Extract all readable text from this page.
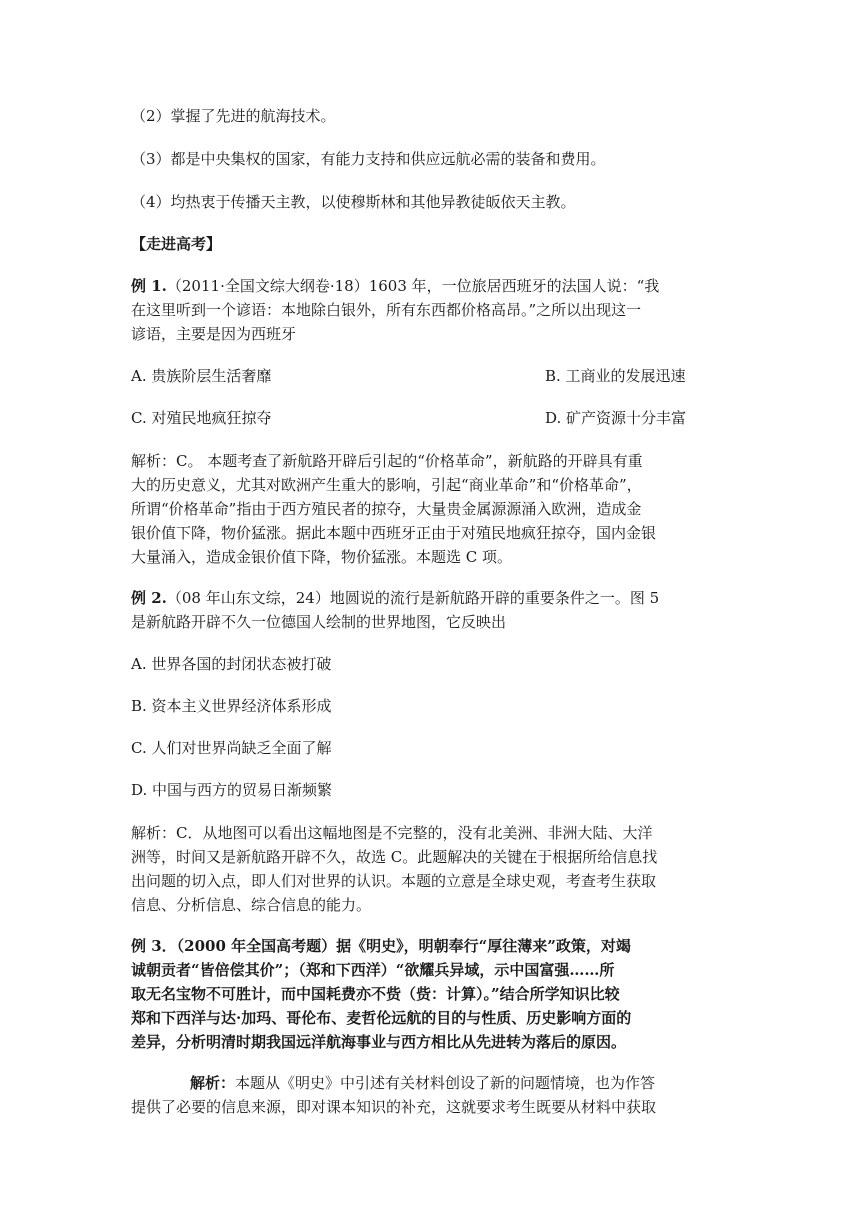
（2）掌握了先进的航海技术。
（3）都是中央集权的国家，有能力支持和供应远航必需的装备和费用。
（4）均热衷于传播天主教，以使穆斯林和其他异教徒皈依天主教。
【走进高考】
例 1.（2011·全国文综大纲卷·18）1603 年，一位旅居西班牙的法国人说：“我
在这里听到一个谚语：本地除白银外，所有东西都价格高昂。”之所以出现这一
谚语，主要是因为西班牙
A. 贵族阶层生活奢靡	B. 工商业的发展迅速
C. 对殖民地疯狂掠夺	D. 矿产资源十分丰富
解析：C。 本题考查了新航路开辟后引起的“价格革命”，新航路的开辟具有重
大的历史意义，尤其对欧洲产生重大的影响，引起“商业革命”和“价格革命”，
所谓“价格革命”指由于西方殖民者的掠夺，大量贵金属源源涌入欧洲，造成金
银价值下降，物价猛涨。据此本题中西班牙正由于对殖民地疯狂掠夺，国内金银
大量涌入，造成金银价值下降，物价猛涨。本题选 C 项。
例 2.（08 年山东文综，24）地圆说的流行是新航路开辟的重要条件之一。图 5
是新航路开辟不久一位德国人绘制的世界地图，它反映出
A. 世界各国的封闭状态被打破
B. 资本主义世界经济体系形成
C. 人们对世界尚缺乏全面了解
D. 中国与西方的贸易日渐频繁
解析：C．从地图可以看出这幅地图是不完整的，没有北美洲、非洲大陆、大洋
洲等，时间又是新航路开辟不久，故选 C。此题解决的关键在于根据所给信息找
出问题的切入点，即人们对世界的认识。本题的立意是全球史观，考查考生获取
信息、分析信息、综合信息的能力。
例 3．（2000 年全国高考题）据《明史》，明朝奉行“厚往薄来”政策，对竭
诚朝贡者“皆倍偿其价”；（郑和下西洋）“欲耀兵异域，示中国富强……所
取无名宝物不可胜计，而中国耗费亦不赀（赀：计算）。”结合所学知识比较
郑和下西洋与达·加玛、哥伦布、麦哲伦远航的目的与性质、历史影响方面的
差异，分析明清时期我国远洋航海事业与西方相比从先进转为落后的原因。
解析：本题从《明史》中引述有关材料创设了新的问题情境，也为作答
提供了必要的信息来源，即对课本知识的补充，这就要求考生既要从材料中获取
